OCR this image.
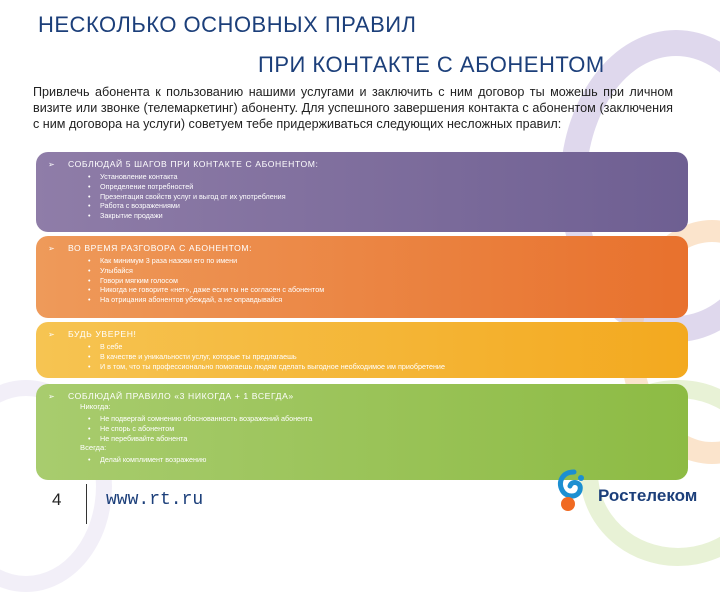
НЕСКОЛЬКО ОСНОВНЫХ ПРАВИЛ
ПРИ КОНТАКТЕ С АБОНЕНТОМ
Привлечь абонента к пользованию нашими услугами и заключить с ним договор ты можешь при личном визите или звонке (телемаркетинг) абоненту. Для успешного завершения контакта с абонентом (заключения с ним договора на услуги) советуем тебе придерживаться следующих несложных правил:
➢	СОБЛЮДАЙ 5 ШАГОВ ПРИ КОНТАКТЕ С АБОНЕНТОМ:
• Установление контакта
• Определение потребностей
• Презентация свойств услуг и выгод от их употребления
• Работа с возражениями
• Закрытие продажи
➢	ВО ВРЕМЯ РАЗГОВОРА С АБОНЕНТОМ:
• Как минимум 3 раза назови его по имени
• Улыбайся
• Говори мягким голосом
• Никогда не говорите «нет», даже если ты не согласен с абонентом
• На отрицания абонентов убеждай, а не оправдывайся
➢	БУДЬ УВЕРЕН!
• В себе
• В качестве и уникальности услуг, которые ты предлагаешь
• И в том, что ты профессионально помогаешь людям сделать выгодное необходимое им приобретение
➢	СОБЛЮДАЙ ПРАВИЛО «3 НИКОГДА + 1 ВСЕГДА»
Никогда:
• Не подвергай сомнению обоснованность возражений абонента
• Не спорь с абонентом
• Не перебивайте абонента
Всегда:
• Делай комплимент возражению
4 www.rt.ru	Ростелеком
